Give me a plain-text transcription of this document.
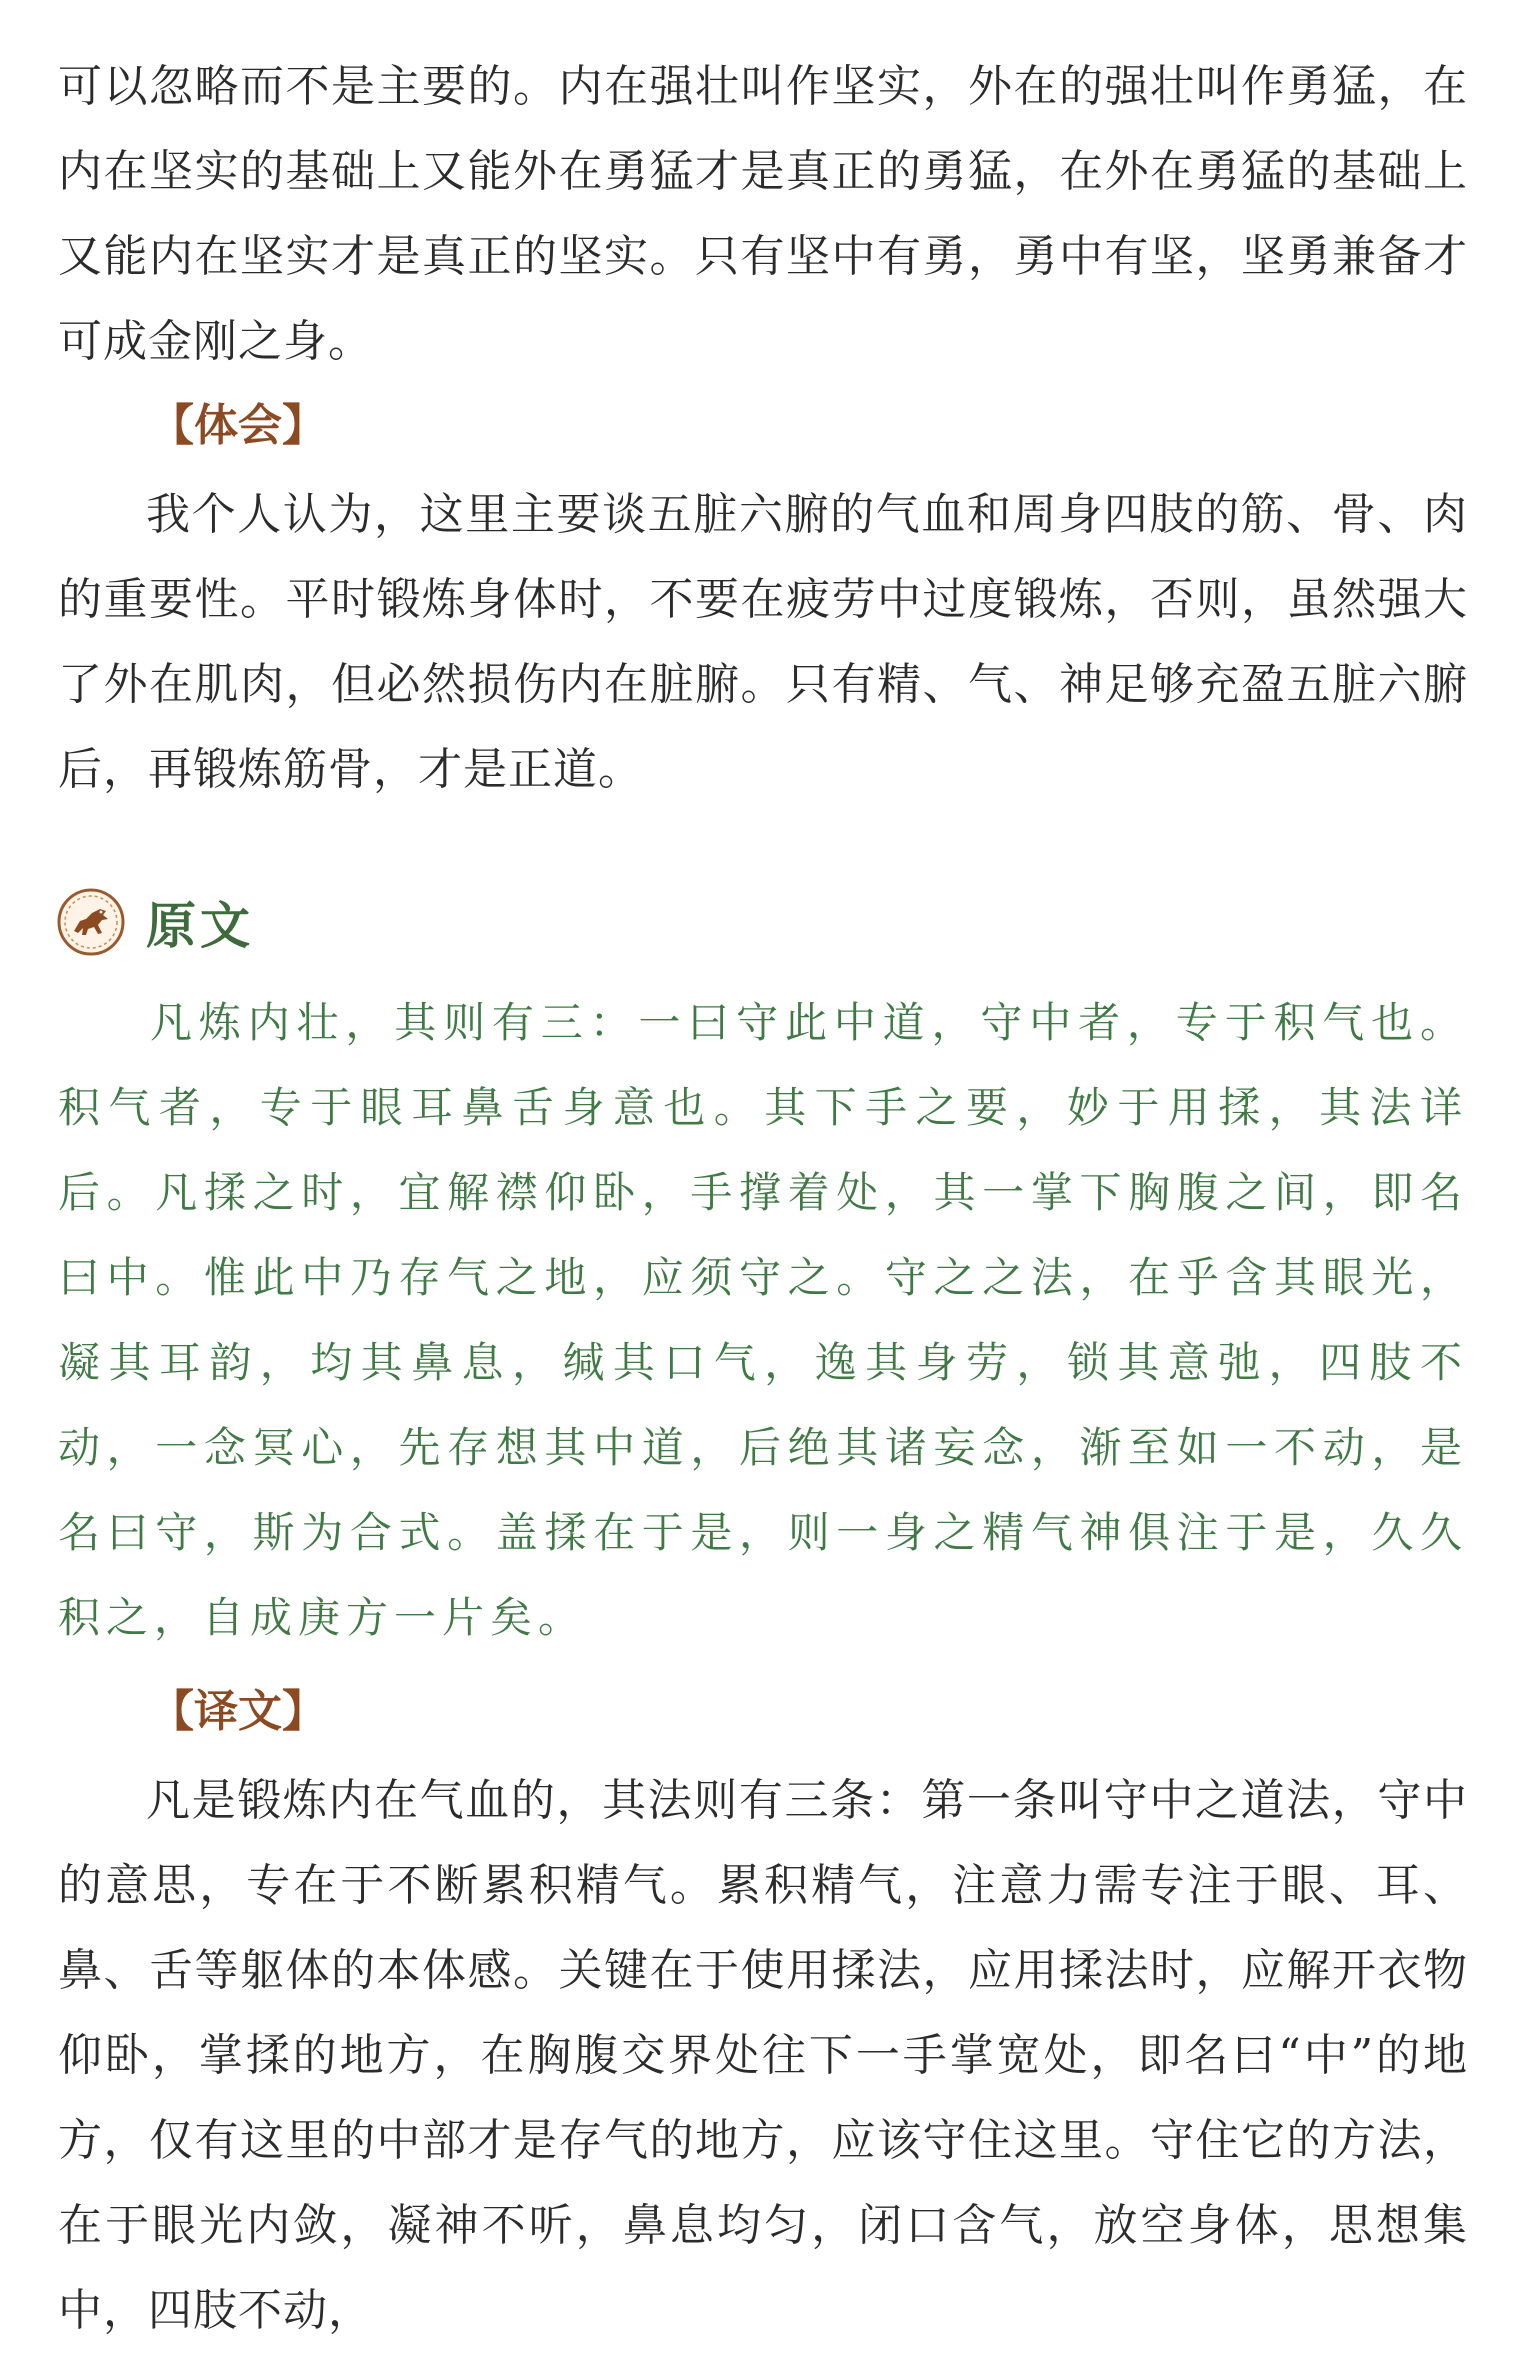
可以忽略而不是主要的。内在强壮叫作坚实，外在的强壮叫作勇猛，在内在坚实的基础上又能外在勇猛才是真正的勇猛，在外在勇猛的基础上又能内在坚实才是真正的坚实。只有坚中有勇，勇中有坚，坚勇兼备才可成金刚之身。

【体会】

我个人认为，这里主要谈五脏六腑的气血和周身四肢的筋、骨、肉的重要性。平时锻炼身体时，不要在疲劳中过度锻炼，否则，虽然强大了外在肌肉，但必然损伤内在脏腑。只有精、气、神足够充盈五脏六腑后，再锻炼筋骨，才是正道。

原文

凡炼内壮，其则有三：一曰守此中道，守中者，专于积气也。积气者，专于眼耳鼻舌身意也。其下手之要，妙于用揉，其法详后。凡揉之时，宜解襟仰卧，手撑着处，其一掌下胸腹之间，即名曰中。惟此中乃存气之地，应须守之。守之之法，在乎含其眼光，凝其耳韵，均其鼻息，缄其口气，逸其身劳，锁其意弛，四肢不动，一念冥心，先存想其中道，后绝其诸妄念，渐至如一不动，是名曰守，斯为合式。盖揉在于是，则一身之精气神俱注于是，久久积之，自成庚方一片矣。

【译文】

凡是锻炼内在气血的，其法则有三条：第一条叫守中之道法，守中的意思，专在于不断累积精气。累积精气，注意力需专注于眼、耳、鼻、舌等躯体的本体感。关键在于使用揉法，应用揉法时，应解开衣物仰卧，掌揉的地方，在胸腹交界处往下一手掌宽处，即名曰“中”的地方，仅有这里的中部才是存气的地方，应该守住这里。守住它的方法，在于眼光内敛，凝神不听，鼻息均匀，闭口含气，放空身体，思想集中，四肢不动，
